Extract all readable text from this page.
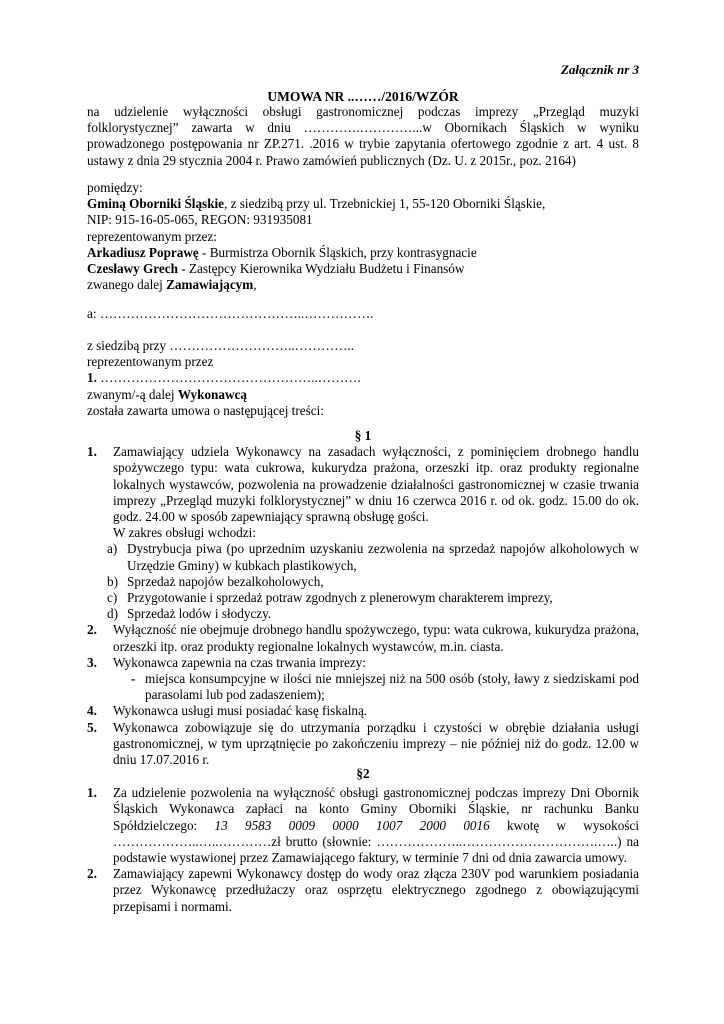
Załącznik nr 3
UMOWA NR ..……/2016/WZÓR

na udzielenie wyłączności obsługi gastronomicznej podczas imprezy „Przegląd muzyki folklorystycznej” zawarta w dniu ………….…………...w Obornikach Śląskich w wyniku prowadzonego postępowania nr ZP.271. .2016 w trybie zapytania ofertowego zgodnie z art. 4 ust. 8 ustawy z dnia 29 stycznia 2004 r. Prawo zamówień publicznych (Dz. U. z 2015r., poz. 2164)

pomiędzy:

Gminą Oborniki Śląskie, z siedzibą przy ul. Trzebnickiej 1, 55-120 Oborniki Śląskie,

NIP: 915-16-05-065, REGON: 931935081

reprezentowanym przez:

Arkadiusz Poprawę - Burmistrza Obornik Śląskich, przy kontrasygnacie

Czesławy Grech - Zastępcy Kierownika Wydziału Budżetu i Finansów

zwanego dalej Zamawiającym,

a: ………………………………………..…………….

z siedzibą przy ………………………..…………..

reprezentowanym przez

1. …………………………………………..……….

zwanym/-ą dalej Wykonawcą

została zawarta umowa o następującej treści:

§ 1

1.	Zamawiający udziela Wykonawcy na zasadach wyłączności, z pominięciem drobnego handlu spożywczego typu: wata cukrowa, kukurydza prażona, orzeszki itp. oraz produkty regionalne lokalnych wystawców, pozwolenia na prowadzenie działalności gastronomicznej w czasie trwania imprezy „Przegląd muzyki folklorystycznej” w dniu 16 czerwca 2016 r. od ok. godz. 15.00 do ok. godz. 24.00 w sposób zapewniający sprawną obsługę gości.

W zakres obsługi wchodzi:

a) Dystrybucja piwa (po uprzednim uzyskaniu zezwolenia na sprzedaż napojów alkoholowych w Urzędzie Gminy) w kubkach plastikowych,

b) Sprzedaż napojów bezalkoholowych,

c) Przygotowanie i sprzedaż potraw zgodnych z plenerowym charakterem imprezy,

d) Sprzedaż lodów i słodyczy.

2.	Wyłączność nie obejmuje drobnego handlu spożywczego, typu: wata cukrowa, kukurydza prażona, orzeszki itp. oraz produkty regionalne lokalnych wystawców, m.in. ciasta.

3.	Wykonawca zapewnia na czas trwania imprezy:

- miejsca konsumpcyjne w ilości nie mniejszej niż na 500 osób (stoły, ławy z siedziskami pod parasolami lub pod zadaszeniem);

4.	Wykonawca usługi musi posiadać kasę fiskalną.

5.	Wykonawca zobowiązuje się do utrzymania porządku i czystości w obrębie działania usługi gastronomicznej, w tym uprzątnięcie po zakończeniu imprezy – nie później niż do godz. 12.00 w dniu 17.07.2016 r.

§2

1.	Za udzielenie pozwolenia na wyłączność obsługi gastronomicznej podczas imprezy Dni Obornik Śląskich Wykonawca zapłaci na konto Gminy Oborniki Śląskie, nr rachunku Banku Spółdzielczego: 13 9583 0009 0000 1007 2000 0016 kwotę w wysokości ………………..…..…………zł brutto (słownie: ………………..………………………….…..) na podstawie wystawionej przez Zamawiającego faktury, w terminie 7 dni od dnia zawarcia umowy.

2.	Zamawiający zapewni Wykonawcy dostęp do wody oraz złącza 230V pod warunkiem posiadania przez Wykonawcę przedłużaczy oraz osprzętu elektrycznego zgodnego z obowiązującymi przepisami i normami.
